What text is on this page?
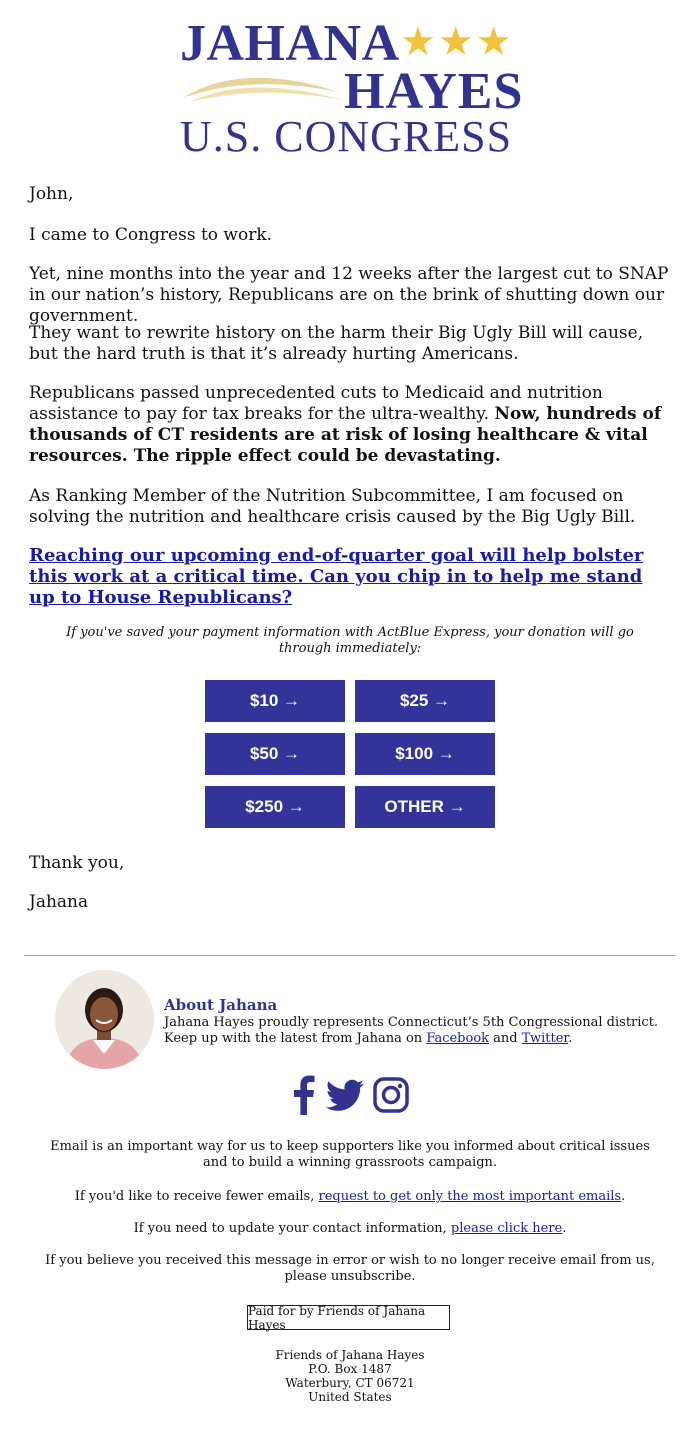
JAHANA ★★★
HAYES
U.S. CONGRESS

John,

I came to Congress to work.

Yet, nine months into the year and 12 weeks after the largest cut to SNAP in our nation’s history, Republicans are on the brink of shutting down our government.

They want to rewrite history on the harm their Big Ugly Bill will cause, but the hard truth is that it’s already hurting Americans.

Republicans passed unprecedented cuts to Medicaid and nutrition assistance to pay for tax breaks for the ultra-wealthy. Now, hundreds of thousands of CT residents are at risk of losing healthcare & vital resources. The ripple effect could be devastating.

As Ranking Member of the Nutrition Subcommittee, I am focused on solving the nutrition and healthcare crisis caused by the Big Ugly Bill.

Reaching our upcoming end-of-quarter goal will help bolster this work at a critical time. Can you chip in to help me stand up to House Republicans?
If you've saved your payment information with ActBlue Express, your donation will go through immediately:
$10 →	$25 →
$50 →	$100 →
$250 →	OTHER →

Thank you,

Jahana

About Jahana
Jahana Hayes proudly represents Connecticut’s 5th Congressional district.
Keep up with the latest from Jahana on Facebook and Twitter.
Email is an important way for us to keep supporters like you informed about critical issues and to build a winning grassroots campaign.
If you'd like to receive fewer emails, request to get only the most important emails.
If you need to update your contact information, please click here.
If you believe you received this message in error or wish to no longer receive email from us, please unsubscribe.
Paid for by Friends of Jahana Hayes
Friends of Jahana Hayes
P.O. Box 1487
Waterbury, CT 06721
United States
